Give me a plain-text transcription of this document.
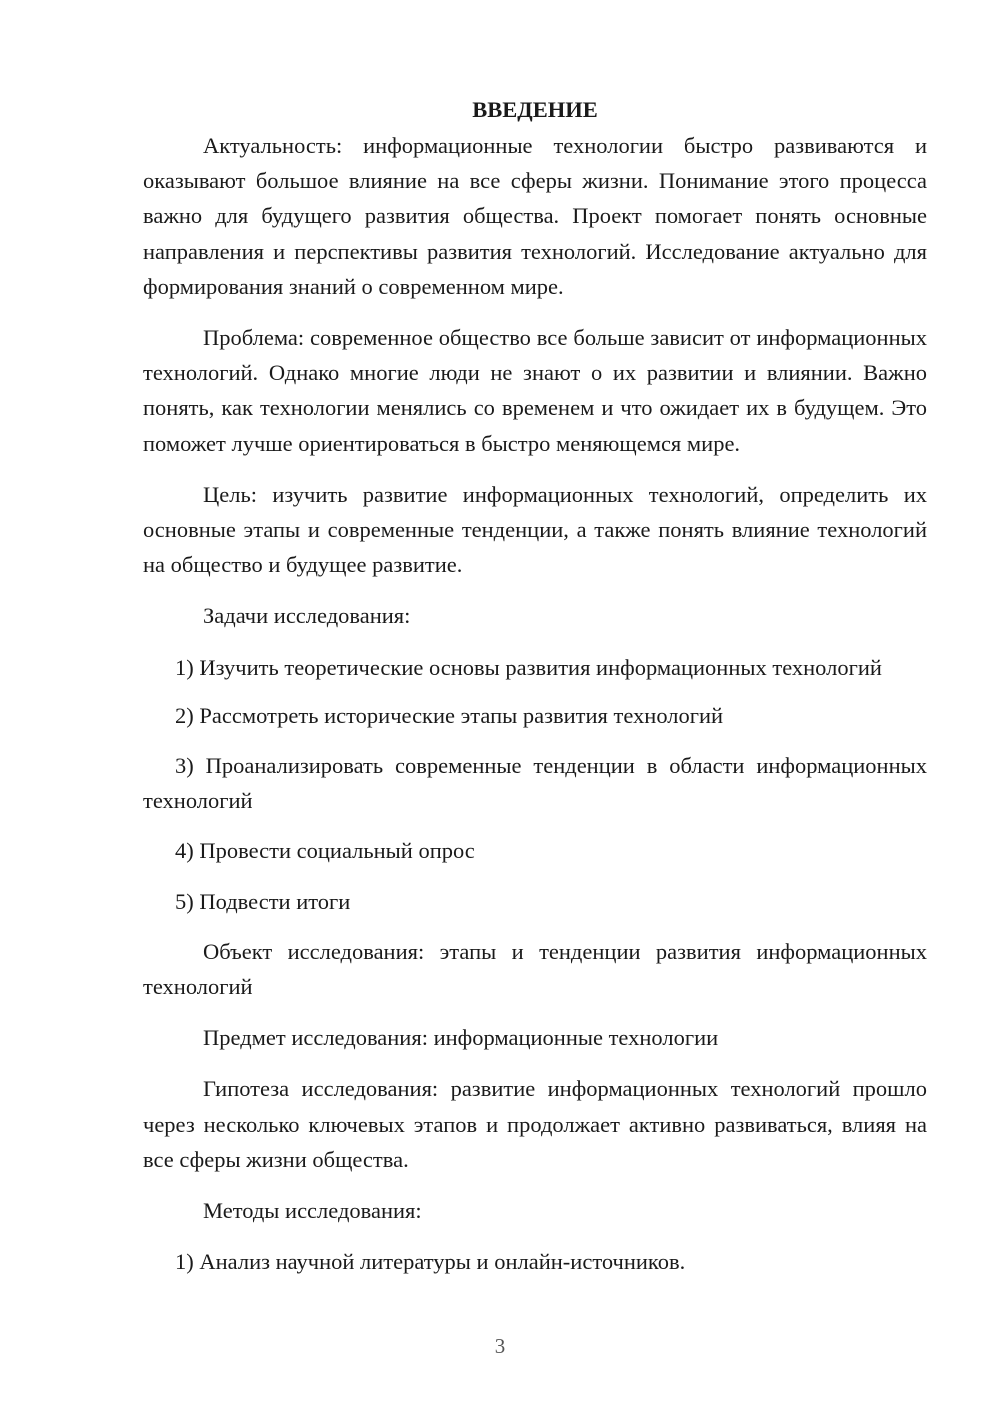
ВВЕДЕНИЕ

Актуальность: информационные технологии быстро развиваются и оказывают большое влияние на все сферы жизни. Понимание этого процесса важно для будущего развития общества. Проект помогает понять основные направления и перспективы развития технологий. Исследование актуально для формирования знаний о современном мире.

Проблема: современное общество все больше зависит от информационных технологий. Однако многие люди не знают о их развитии и влиянии. Важно понять, как технологии менялись со временем и что ожидает их в будущем. Это поможет лучше ориентироваться в быстро меняющемся мире.

Цель: изучить развитие информационных технологий, определить их основные этапы и современные тенденции, а также понять влияние технологий на общество и будущее развитие.

Задачи исследования:

1) Изучить теоретические основы развития информационных технологий

2) Рассмотреть исторические этапы развития технологий

3) Проанализировать современные тенденции в области информационных технологий

4) Провести социальный опрос

5) Подвести итоги

Объект исследования: этапы и тенденции развития информационных технологий

Предмет исследования: информационные технологии

Гипотеза исследования: развитие информационных технологий прошло через несколько ключевых этапов и продолжает активно развиваться, влияя на все сферы жизни общества.

Методы исследования:

1) Анализ научной литературы и онлайн-источников.

3
